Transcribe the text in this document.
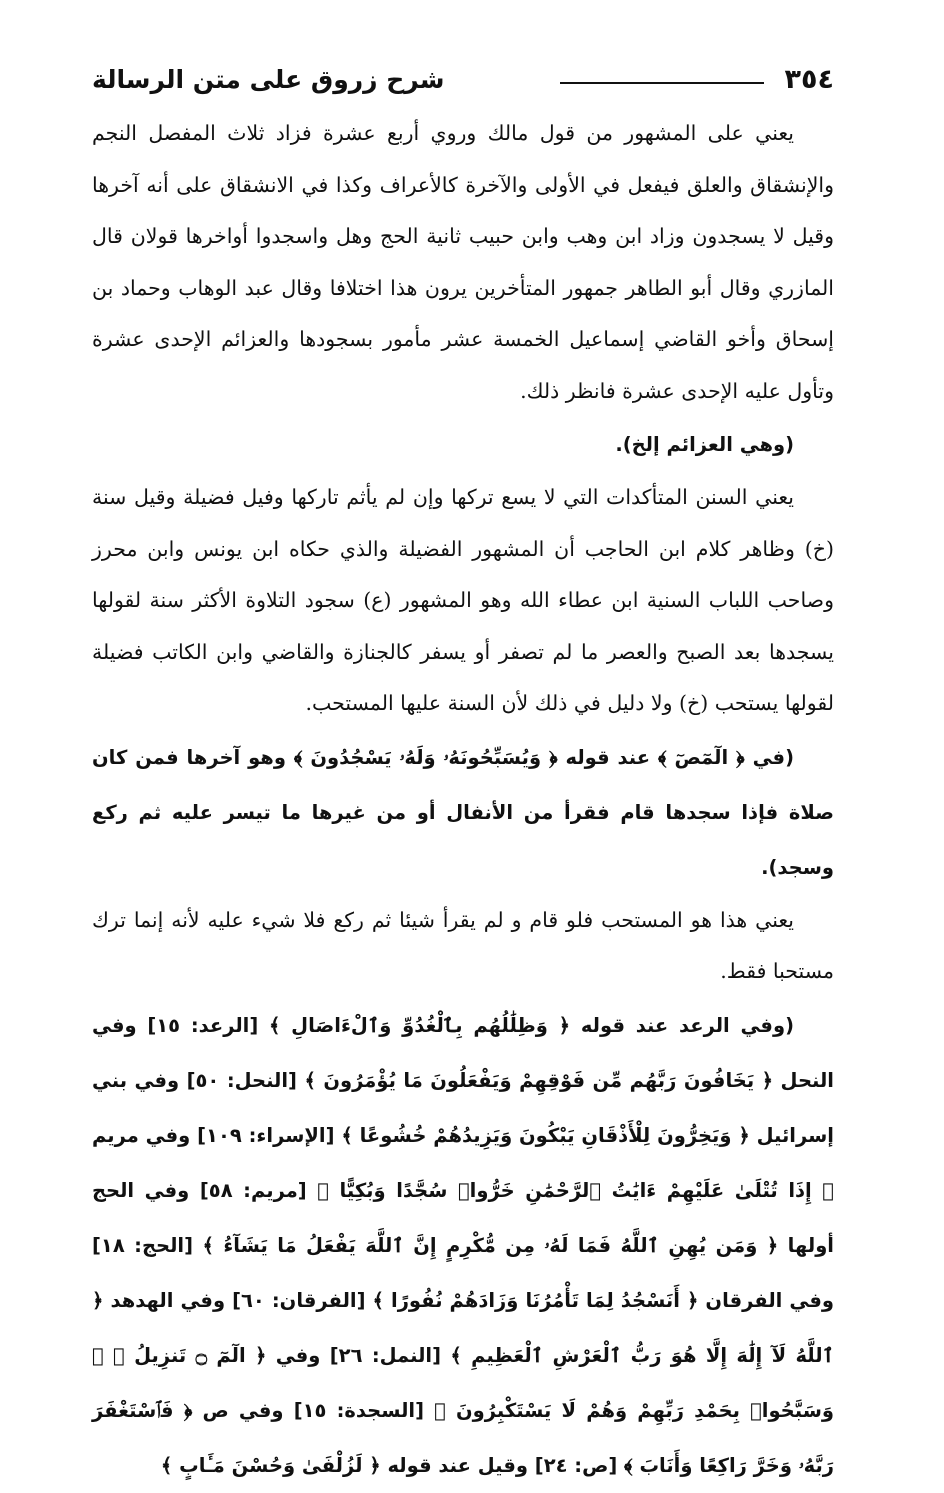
٣٥٤
شرح زروق على متن الرسالة

يعني على المشهور من قول مالك وروي أربع عشرة فزاد ثلاث المفصل النجم والإنشقاق والعلق فيفعل في الأولى والآخرة كالأعراف وكذا في الانشقاق على أنه آخرها وقيل لا يسجدون وزاد ابن وهب وابن حبيب ثانية الحج وهل واسجدوا أواخرها قولان قال المازري وقال أبو الطاهر جمهور المتأخرين يرون هذا اختلافا وقال عبد الوهاب وحماد بن إسحاق وأخو القاضي إسماعيل الخمسة عشر مأمور بسجودها والعزائم الإحدى عشرة وتأول عليه الإحدى عشرة فانظر ذلك.

(وهي العزائم إلخ).

يعني السنن المتأكدات التي لا يسع تركها وإن لم يأثم تاركها وفيل فضيلة وقيل سنة (خ) وظاهر كلام ابن الحاجب أن المشهور الفضيلة والذي حكاه ابن يونس وابن محرز وصاحب اللباب السنية ابن عطاء الله وهو المشهور (ع) سجود التلاوة الأكثر سنة لقولها يسجدها بعد الصبح والعصر ما لم تصفر أو يسفر كالجنازة والقاضي وابن الكاتب فضيلة لقولها يستحب (خ) ولا دليل في ذلك لأن السنة عليها المستحب.

(في ﴿ الٓمٓصٓ ﴾ عند قوله ﴿ وَيُسَبِّحُونَهُۥ وَلَهُۥ يَسْجُدُونَ ﴾ وهو آخرها فمن كان صلاة فإذا سجدها قام فقرأ من الأنفال أو من غيرها ما تيسر عليه ثم ركع وسجد).

يعني هذا هو المستحب فلو قام و لم يقرأ شيئا ثم ركع فلا شيء عليه لأنه إنما ترك مستحبا فقط.

(وفي الرعد عند قوله ﴿ وَظِلَٰلُهُم بِٱلْغُدُوِّ وَٱلْءَاصَالِ ﴾ [الرعد: ١٥] وفي النحل ﴿ يَخَافُونَ رَبَّهُم مِّن فَوْقِهِمْ وَيَفْعَلُونَ مَا يُؤْمَرُونَ ﴾ [النحل: ٥٠] وفي بني إسرائيل ﴿ وَيَخِرُّونَ لِلْأَذْقَانِ يَبْكُونَ وَيَزِيدُهُمْ خُشُوعًا ﴾ [الإسراء: ١٠٩] وفي مريم ﴿ إِذَا تُتْلَىٰ عَلَيْهِمْ ءَايَٰتُ ٱلرَّحْمَٰنِ خَرُّوا۟ سُجَّدًا وَبُكِيًّا ﴾ [مريم: ٥٨] وفي الحج أولها ﴿ وَمَن يُهِنِ ٱللَّهُ فَمَا لَهُۥ مِن مُّكْرِمٍ إِنَّ ٱللَّهَ يَفْعَلُ مَا يَشَآءُ ﴾ [الحج: ١٨] وفي الفرقان ﴿ أَنَسْجُدُ لِمَا تَأْمُرُنَا وَزَادَهُمْ نُفُورًا ﴾ [الفرقان: ٦٠] وفي الهدهد ﴿ ٱللَّهُ لَآ إِلَٰهَ إِلَّا هُوَ رَبُّ ٱلْعَرْشِ ٱلْعَظِيمِ ﴾ [النمل: ٢٦] وفي ﴿ الٓمٓ ۝ تَنزِيلُ ﴾ ﴿ وَسَبَّحُوا۟ بِحَمْدِ رَبِّهِمْ وَهُمْ لَا يَسْتَكْبِرُونَ ﴾ [السجدة: ١٥] وفي ص ﴿ فَٱسْتَغْفَرَ رَبَّهُۥ وَخَرَّ رَاكِعًا وَأَنَابَ ﴾ [ص: ٢٤] وقيل عند قوله ﴿ لَزُلْفَىٰ وَحُسْنَ مَـَٔابٍ ﴾
